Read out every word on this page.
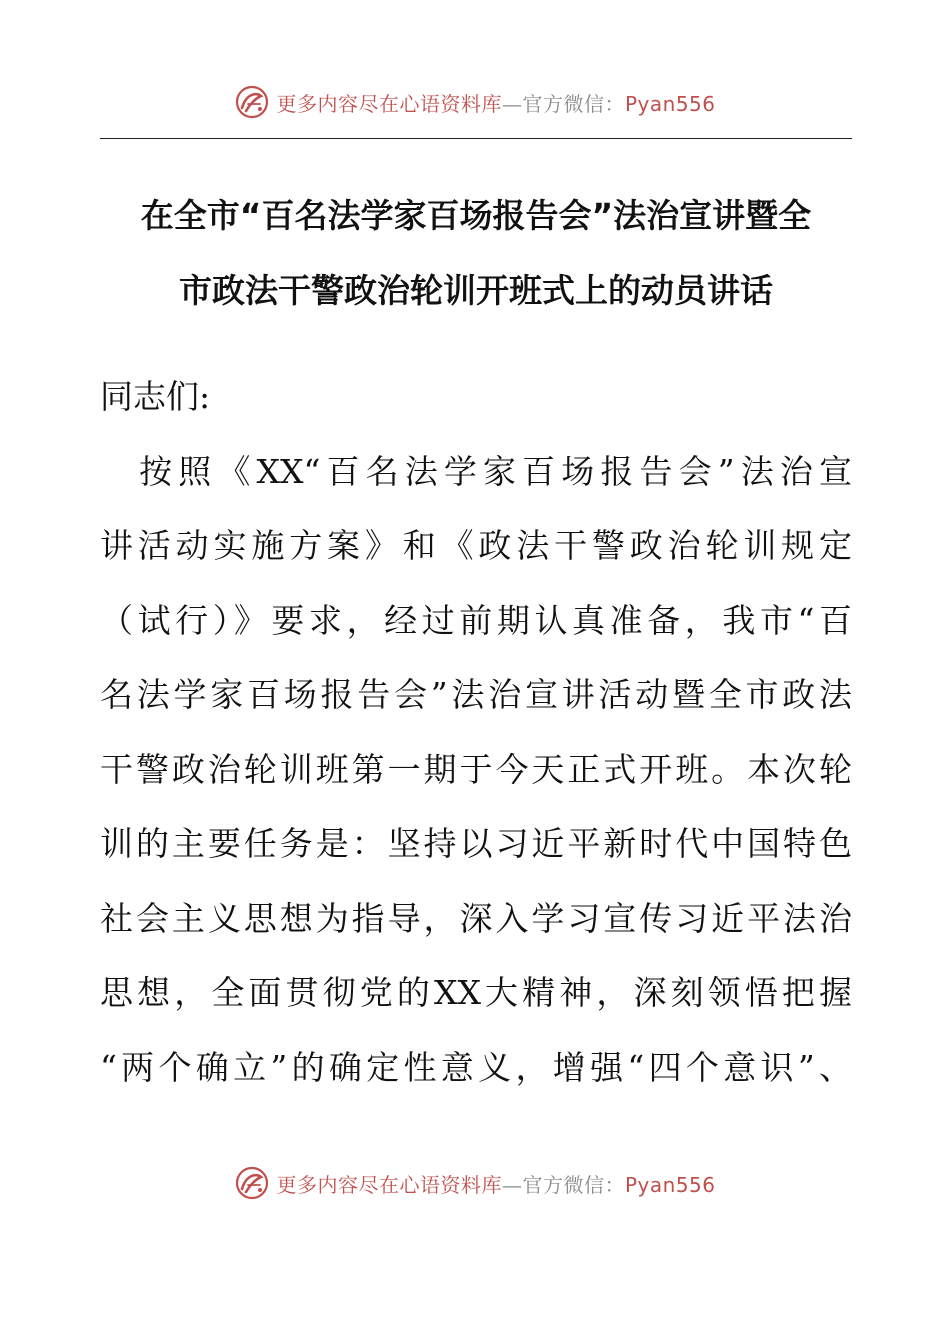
更多内容尽在心语资料库—官方微信：Pyan556
在全市“百名法学家百场报告会”法治宣讲暨全
市政法干警政治轮训开班式上的动员讲话
同志们:
　按照《XX“百名法学家百场报告会”法治宣
讲活动实施方案》和《政法干警政治轮训规定
（试行）》要求，经过前期认真准备，我市“百
名法学家百场报告会”法治宣讲活动暨全市政法
干警政治轮训班第一期于今天正式开班。本次轮
训的主要任务是：坚持以习近平新时代中国特色
社会主义思想为指导，深入学习宣传习近平法治
思想，全面贯彻党的XX大精神，深刻领悟把握
“两个确立”的确定性意义，增强“四个意识”、
更多内容尽在心语资料库—官方微信：Pyan556
